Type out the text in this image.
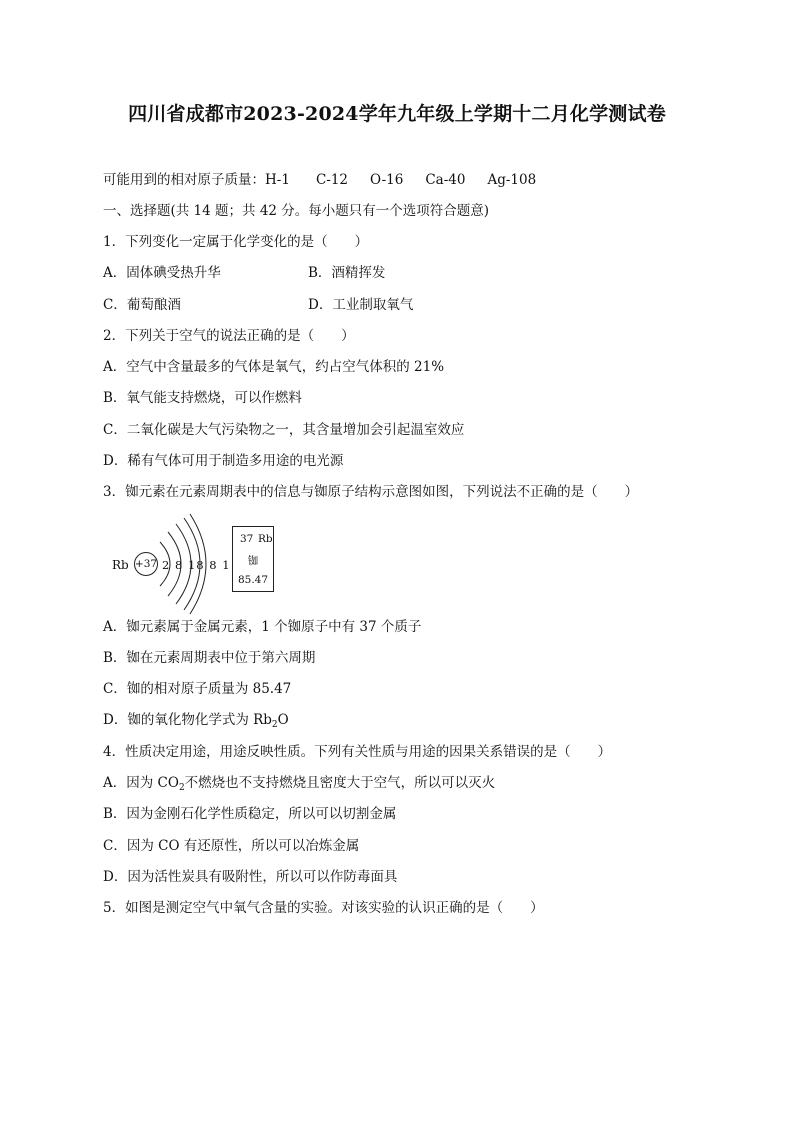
四川省成都市2023-2024学年九年级上学期十二月化学测试卷
可能用到的相对原子质量：H-1 C-12 O-16 Ca-40 Ag-108
一、选择题(共 14 题；共 42 分。每小题只有一个选项符合题意)
1．下列变化一定属于化学变化的是（　　）
A．固体碘受热升华	B．酒精挥发
C．葡萄酿酒	D．工业制取氧气
2．下列关于空气的说法正确的是（　　）
A．空气中含量最多的气体是氧气，约占空气体积的 21%
B．氧气能支持燃烧，可以作燃料
C．二氧化碳是大气污染物之一，其含量增加会引起温室效应
D．稀有气体可用于制造多用途的电光源
3．铷元素在元素周期表中的信息与铷原子结构示意图如图，下列说法不正确的是（　　）
Rb +37 2 8 18 8 1
37 Rb
铷
85.47
A．铷元素属于金属元素，1 个铷原子中有 37 个质子
B．铷在元素周期表中位于第六周期
C．铷的相对原子质量为 85.47
D．铷的氧化物化学式为 $Rb_2O$
4．性质决定用途，用途反映性质。下列有关性质与用途的因果关系错误的是（　　）
A．因为 $CO_2$不燃烧也不支持燃烧且密度大于空气，所以可以灭火
B．因为金刚石化学性质稳定，所以可以切割金属
C．因为 CO 有还原性，所以可以冶炼金属
D．因为活性炭具有吸附性，所以可以作防毒面具
5．如图是测定空气中氧气含量的实验。对该实验的认识正确的是（　　）
